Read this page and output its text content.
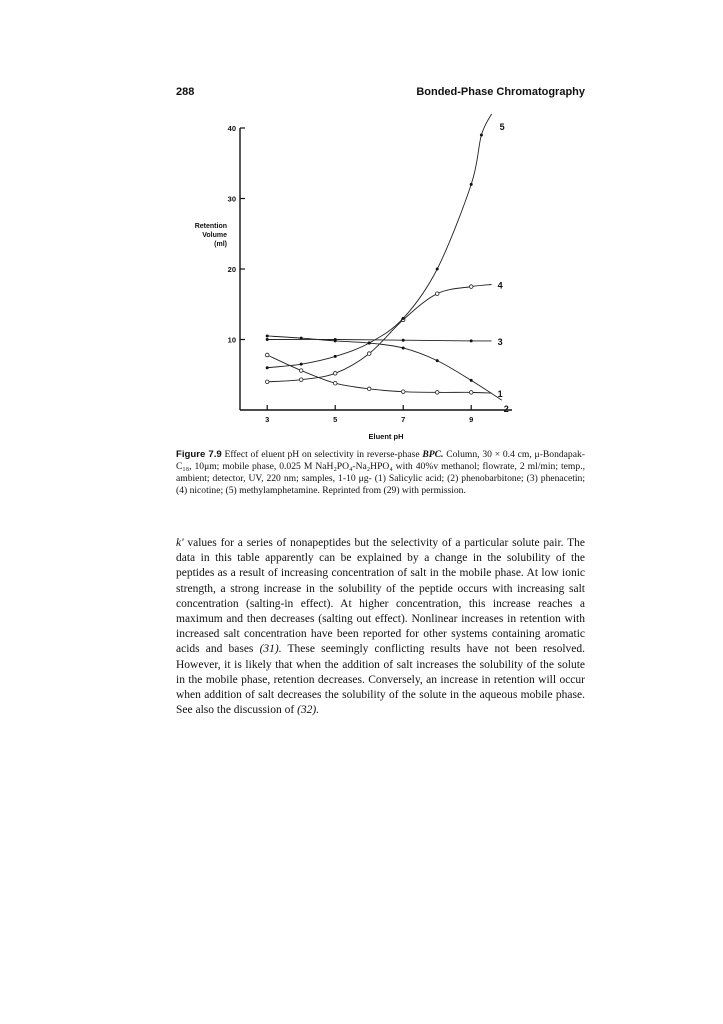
288	Bonded-Phase Chromatography
10
20
30
40
3	5	7	9
1
2
3
4
5
Retention
Volume
(ml)
Eluent pH
Figure 7.9 Effect of eluent pH on selectivity in reverse-phase BPC. Column, 30 × 0.4 cm, μ-Bondapak-C₁₈, 10μm; mobile phase, 0.025 M NaH₂PO₄-Na₂HPO₄ with 40%v methanol; flowrate, 2 ml/min; temp., ambient; detector, UV, 220 nm; samples, 1-10 μg- (1) Salicylic acid; (2) phenobarbitone; (3) phenacetin; (4) nicotine; (5) methylamphetamine. Reprinted from (29) with permission.

k' values for a series of nonapeptides but the selectivity of a particular solute pair. The data in this table apparently can be explained by a change in the solubility of the peptides as a result of increasing concentration of salt in the mobile phase. At low ionic strength, a strong increase in the solubility of the peptide occurs with increasing salt concentration (salting-in effect). At higher concentration, this increase reaches a maximum and then decreases (salting out effect). Nonlinear increases in retention with increased salt concentration have been reported for other systems containing aromatic acids and bases (31). These seemingly conflicting results have not been resolved. However, it is likely that when the addition of salt increases the solubility of the solute in the mobile phase, retention decreases. Conversely, an increase in retention will occur when addition of salt decreases the solubility of the solute in the aqueous mobile phase. See also the discussion of (32).
